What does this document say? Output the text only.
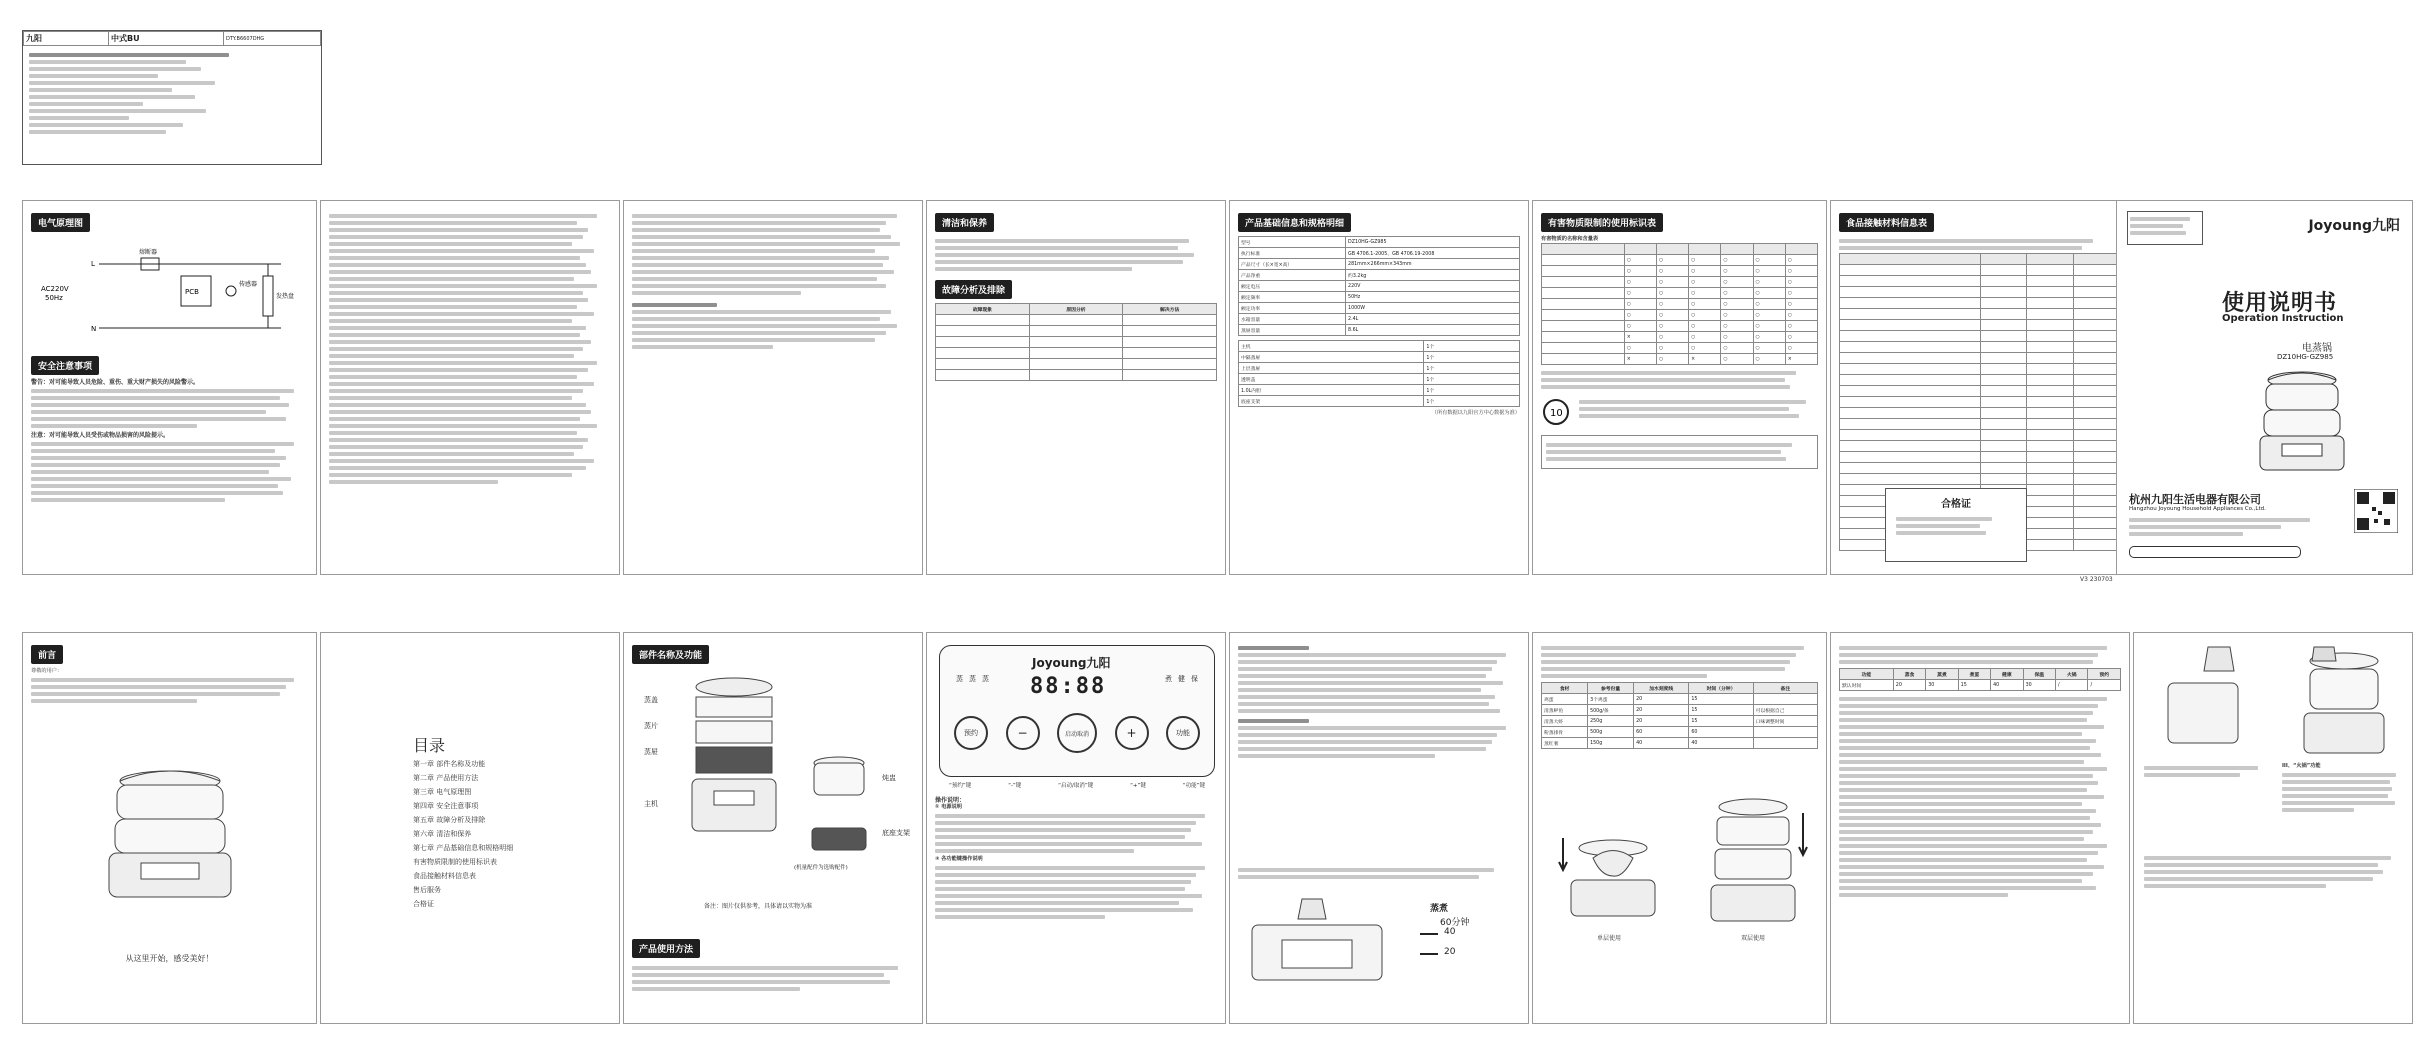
九阳	中式BU	DTY.B6607DHG
电气原理图
AC220V
50Hz
L
N
PCB
熔断器
发热盘
传感器
安全注意事项
警告：对可能导致人员危险、重伤、重大财产损失的风险警示。
注意：对可能导致人员受伤或物品损害的风险提示。
清洁和保养
故障分析及排除
故障现象	原因分析	解决方法

产品基础信息和规格明细
型号	DZ10HG-GZ985
执行标准	GB 4706.1-2005、GB 4706.19-2008
产品尺寸（长×宽×高）	281mm×266mm×343mm
产品净重	约3.2kg
额定电压	220V
额定频率	50Hz
额定功率	1000W
水箱容量	2.4L
蒸屉容量	8.6L
主机	1个
中隔蒸屉	1个
上层蒸屉	1个
透明盖	1个
1.0L内胆	1个
底座支架	1个
（所有数据以九阳官方中心数据为准）
有害物质限制的使用标识表
有害物质的名称和含量表

	○	○	○	○	○	○
	○	○	○	○	○	○
	○	○	○	○	○	○
	○	○	○	○	○	○
	○	○	○	○	○	○
	○	○	○	○	○	○
	○	○	○	○	○	○
	×	○	○	○	○	○
	○	○	○	○	○	○
	×	○	×	○	○	×
10
食品接触材料信息表

合格证
V3 230703
Joyoung九阳
使用说明书
Operation Instruction
电蒸锅
DZ10HG-GZ985
杭州九阳生活电器有限公司
Hangzhou Joyoung Household Appliances Co.,Ltd.
前言
尊敬的用户：
从这里开始，感受美好！
目录
第一章 部件名称及功能
第二章 产品使用方法
第三章 电气原理图
第四章 安全注意事项
第五章 故障分析及排除
第六章 清洁和保养
第七章 产品基础信息和规格明细
有害物质限制的使用标识表
食品接触材料信息表
售后服务
合格证
部件名称及功能
蒸盖
蒸片
蒸屉
主机
炖盅
底座支架
(机量配件为选购配件)
备注：图片仅供参考，具体请以实物为准
产品使用方法
Joyoung九阳
蒸 蒸 蒸 88:88	煮 健 保
预约	−	启动取消	+	功能
“预约”键	“-”键	“启动/取消”键	“+”键	“功能”键
操作说明：
① 电源说明
② 各功能键操作说明
蒸煮
60分钟
40
20
食材	参考份量	加水刻度线	时间（分钟）	备注
鸡蛋	3个鸡蛋	20	15	
清蒸鲈鱼	500g/条	20	15	可以根据自己
清蒸大虾	250g	20	15	口味调整时间
粉蒸排骨	500g	60	60	
蒸红薯	150g	40	40	
单层使用	双层使用
功能	蒸食	蒸煮	煮蛋	健康	保温	火锅	预约
默认时间	20	30	15	40	30	/	/
III、“火锅”功能
